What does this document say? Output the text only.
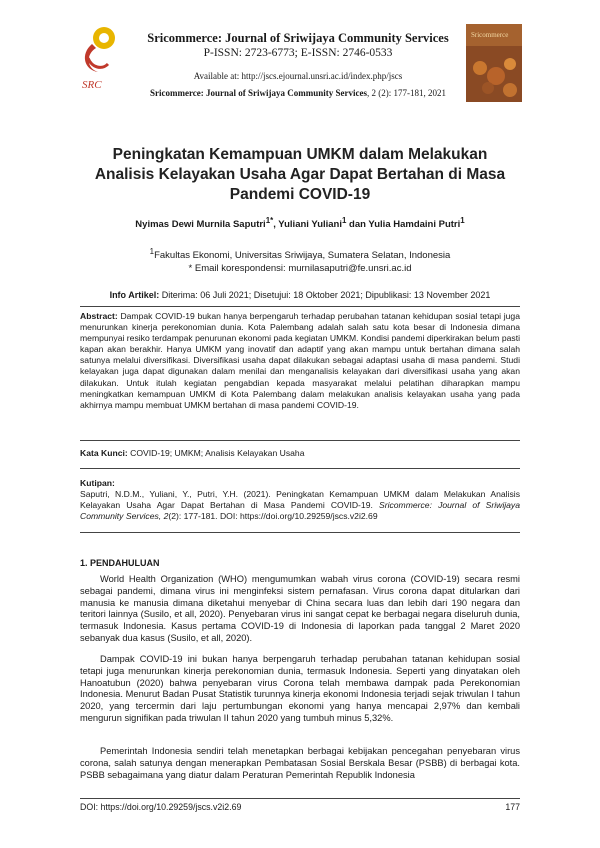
SRC
Sricommerce: Journal of Sriwijaya Community Services
P-ISSN: 2723-6773; E-ISSN: 2746-0533
Available at: http://jscs.ejournal.unsri.ac.id/index.php/jscs
Sricommerce: Journal of Sriwijaya Community Services, 2 (2): 177-181, 2021
Sricommerce
Peningkatan Kemampuan UMKM dalam Melakukan
Analisis Kelayakan Usaha Agar Dapat Bertahan di Masa
Pandemi COVID-19
Nyimas Dewi Murnila Saputri$^{1*}$, Yuliani Yuliani$^1$ dan Yulia Hamdaini Putri$^1$
$^1$Fakultas Ekonomi, Universitas Sriwijaya, Sumatera Selatan, Indonesia
* Email korespondensi: murnilasaputri@fe.unsri.ac.id
Info Artikel: Diterima: 06 Juli 2021; Disetujui: 18 Oktober 2021; Dipublikasi: 13 November 2021
Abstract: Dampak COVID-19 bukan hanya berpengaruh terhadap perubahan tatanan kehidupan sosial tetapi juga menurunkan kinerja perekonomian dunia. Kota Palembang adalah salah satu kota besar di Indonesia dimana mempunyai resiko terdampak penurunan ekonomi pada kegiatan UMKM. Kondisi pandemi diperkirakan belum pasti kapan akan berakhir. Hanya UMKM yang inovatif dan adaptif yang akan mampu untuk bertahan dimana salah satunya melalui diversifikasi. Diversifikasi usaha dapat dilakukan sebagai adaptasi usaha di masa pandemi. Studi kelayakan juga dapat digunakan dalam menilai dan menganalisis kelayakan dari diversifikasi usaha yang akan dilakukan. Untuk itulah kegiatan pengabdian kepada masyarakat melalui pelatihan diharapkan mampu meningkatkan kemampuan UMKM di Kota Palembang dalam melakukan analisis kelayakan usaha yang pada akhirnya mampu membuat UMKM bertahan di masa pandemi COVID-19.
Kata Kunci: COVID-19; UMKM; Analisis Kelayakan Usaha
Kutipan:
Saputri, N.D.M., Yuliani, Y., Putri, Y.H. (2021). Peningkatan Kemampuan UMKM dalam Melakukan Analisis Kelayakan Usaha Agar Dapat Bertahan di Masa Pandemi COVID-19. Sricommerce: Journal of Sriwijaya Community Services, 2(2): 177-181. DOI: https://doi.org/10.29259/jscs.v2i2.69
1. PENDAHULUAN

World Health Organization (WHO) mengumumkan wabah virus corona (COVID-19) secara resmi sebagai pandemi, dimana virus ini menginfeksi sistem pernafasan. Virus corona dapat ditularkan dari manusia ke manusia dimana diketahui menyebar di China secara luas dan lebih dari 190 negara dan teritori lainnya (Susilo, et all, 2020). Penyebaran virus ini sangat cepat ke berbagai negara diseluruh dunia, termasuk Indonesia. Kasus pertama COVID-19 di Indonesia di laporkan pada tanggal 2 Maret 2020 sebanyak dua kasus (Susilo, et all, 2020).

Dampak COVID-19 ini bukan hanya berpengaruh terhadap perubahan tatanan kehidupan sosial tetapi juga menurunkan kinerja perekonomian dunia, termasuk Indonesia. Seperti yang dinyatakan oleh Hanoatubun (2020) bahwa penyebaran virus Corona telah membawa dampak pada Perekonomian Indonesia. Menurut Badan Pusat Statistik turunnya kinerja ekonomi Indonesia terjadi sejak triwulan I tahun 2020, yang tercermin dari laju pertumbungan ekonomi yang hanya mencapai 2,97% dan kembali mengurun signifikan pada triwulan II tahun 2020 yang tumbuh minus 5,32%.

Pemerintah Indonesia sendiri telah menetapkan berbagai kebijakan pencegahan penyebaran virus corona, salah satunya dengan menerapkan Pembatasan Sosial Berskala Besar (PSBB) di berbagai kota. PSBB sebagaimana yang diatur dalam Peraturan Pemerintah Republik Indonesia

DOI: https://doi.org/10.29259/jscs.v2i2.69	177
